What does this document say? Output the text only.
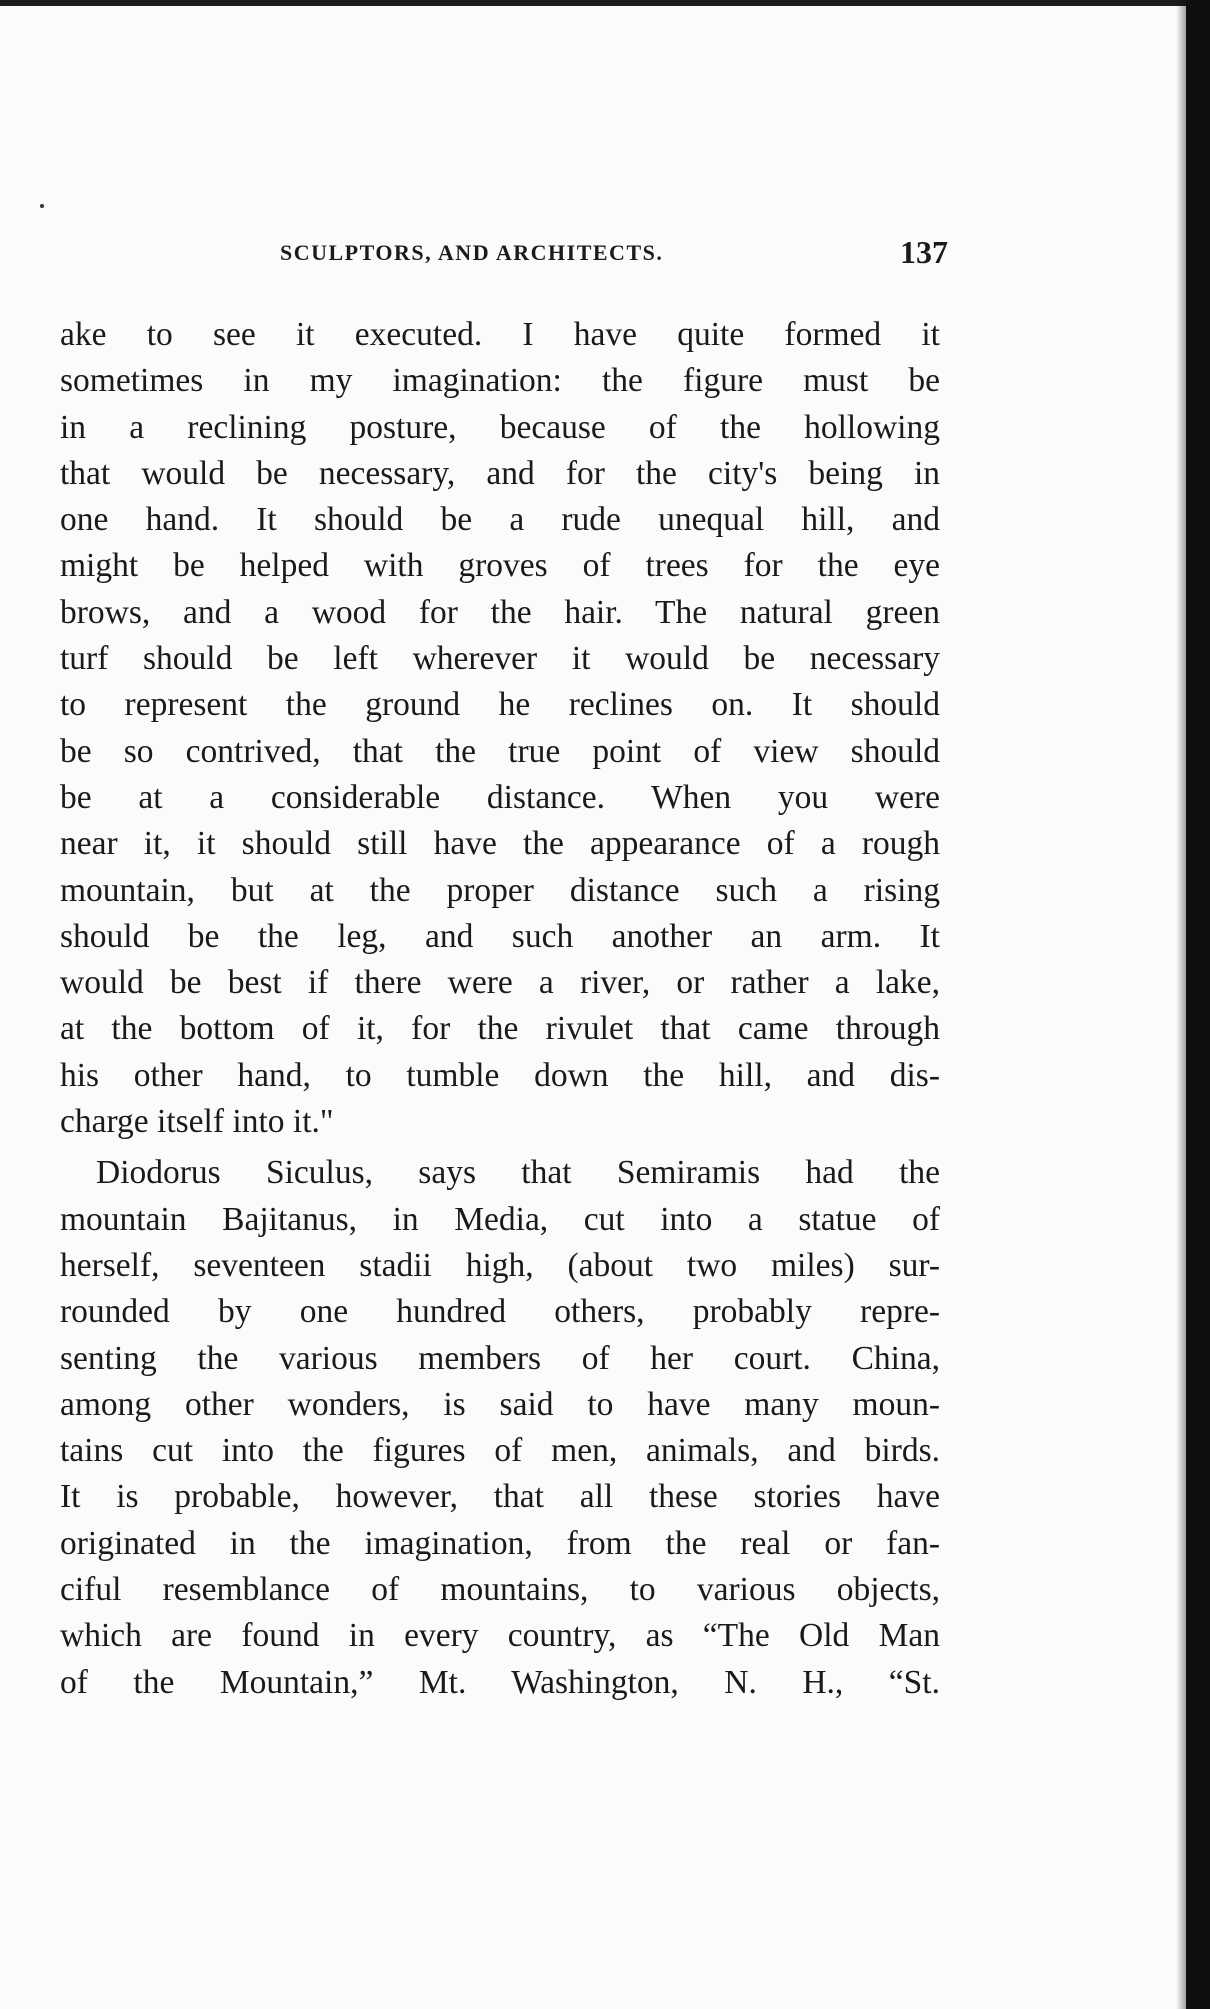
SCULPTORS, AND ARCHITECTS.	137
ake to see it executed. I have quite formed it
sometimes in my imagination: the figure must be
in a reclining posture, because of the hollowing
that would be necessary, and for the city's being in
one hand. It should be a rude unequal hill, and
might be helped with groves of trees for the eye
brows, and a wood for the hair. The natural green
turf should be left wherever it would be necessary
to represent the ground he reclines on. It should
be so contrived, that the true point of view should
be at a considerable distance. When you were
near it, it should still have the appearance of a rough
mountain, but at the proper distance such a rising
should be the leg, and such another an arm. It
would be best if there were a river, or rather a lake,
at the bottom of it, for the rivulet that came through
his other hand, to tumble down the hill, and dis-
charge itself into it."
Diodorus Siculus, says that Semiramis had the
mountain Bajitanus, in Media, cut into a statue of
herself, seventeen stadii high, (about two miles) sur-
rounded by one hundred others, probably repre-
senting the various members of her court. China,
among other wonders, is said to have many moun-
tains cut into the figures of men, animals, and birds.
It is probable, however, that all these stories have
originated in the imagination, from the real or fan-
ciful resemblance of mountains, to various objects,
which are found in every country, as “The Old Man
of the Mountain,” Mt. Washington, N. H., “St.
